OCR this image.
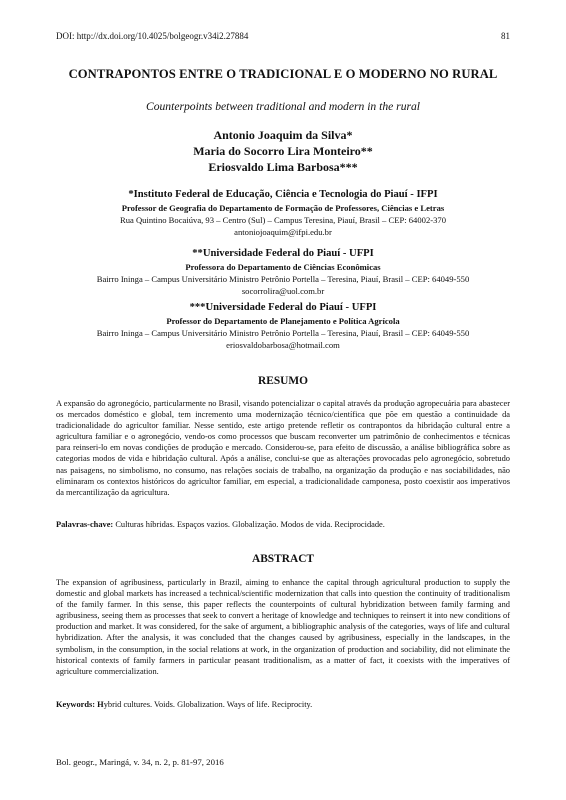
DOI: http://dx.doi.org/10.4025/bolgeogr.v34i2.27884	81
CONTRAPONTOS ENTRE O TRADICIONAL E O MODERNO NO RURAL
Counterpoints between traditional and modern in the rural
Antonio Joaquim da Silva*
Maria do Socorro Lira Monteiro**
Eriosvaldo Lima Barbosa***
*Instituto Federal de Educação, Ciência e Tecnologia do Piauí - IFPI
Professor de Geografia do Departamento de Formação de Professores, Ciências e Letras
Rua Quintino Bocaiúva, 93 – Centro (Sul) – Campus Teresina, Piauí, Brasil – CEP: 64002-370
antoniojoaquim@ifpi.edu.br
**Universidade Federal do Piauí - UFPI
Professora do Departamento de Ciências Econômicas
Bairro Ininga – Campus Universitário Ministro Petrônio Portella – Teresina, Piauí, Brasil – CEP: 64049-550
socorrolira@uol.com.br
***Universidade Federal do Piauí - UFPI
Professor do Departamento de Planejamento e Política Agrícola
Bairro Ininga – Campus Universitário Ministro Petrônio Portella – Teresina, Piauí, Brasil – CEP: 64049-550
eriosvaldobarbosa@hotmail.com
RESUMO
A expansão do agronegócio, particularmente no Brasil, visando potencializar o capital através da produção agropecuária para abastecer os mercados doméstico e global, tem incremento uma modernização técnico/científica que põe em questão a continuidade da tradicionalidade do agricultor familiar. Nesse sentido, este artigo pretende refletir os contrapontos da hibridação cultural entre a agricultura familiar e o agronegócio, vendo-os como processos que buscam reconverter um patrimônio de conhecimentos e técnicas para reinseri-lo em novas condições de produção e mercado. Considerou-se, para efeito de discussão, a análise bibliográfica sobre as categorias modos de vida e hibridação cultural. Após a análise, conclui-se que as alterações provocadas pelo agronegócio, sobretudo nas paisagens, no simbolismo, no consumo, nas relações sociais de trabalho, na organização da produção e nas sociabilidades, não eliminaram os contextos históricos do agricultor familiar, em especial, a tradicionalidade camponesa, posto coexistir aos imperativos da mercantilização da agricultura.
Palavras-chave: Culturas híbridas. Espaços vazios. Globalização. Modos de vida. Reciprocidade.
ABSTRACT
The expansion of agribusiness, particularly in Brazil, aiming to enhance the capital through agricultural production to supply the domestic and global markets has increased a technical/scientific modernization that calls into question the continuity of traditionalism of the family farmer. In this sense, this paper reflects the counterpoints of cultural hybridization between family farming and agribusiness, seeing them as processes that seek to convert a heritage of knowledge and techniques to reinsert it into new conditions of production and market. It was considered, for the sake of argument, a bibliographic analysis of the categories, ways of life and cultural hybridization. After the analysis, it was concluded that the changes caused by agribusiness, especially in the landscapes, in the symbolism, in the consumption, in the social relations at work, in the organization of production and sociability, did not eliminate the historical contexts of family farmers in particular peasant traditionalism, as a matter of fact, it coexists with the imperatives of agriculture commercialization.
Keywords: Hybrid cultures. Voids. Globalization. Ways of life. Reciprocity.
Bol. geogr., Maringá, v. 34, n. 2, p. 81-97, 2016
